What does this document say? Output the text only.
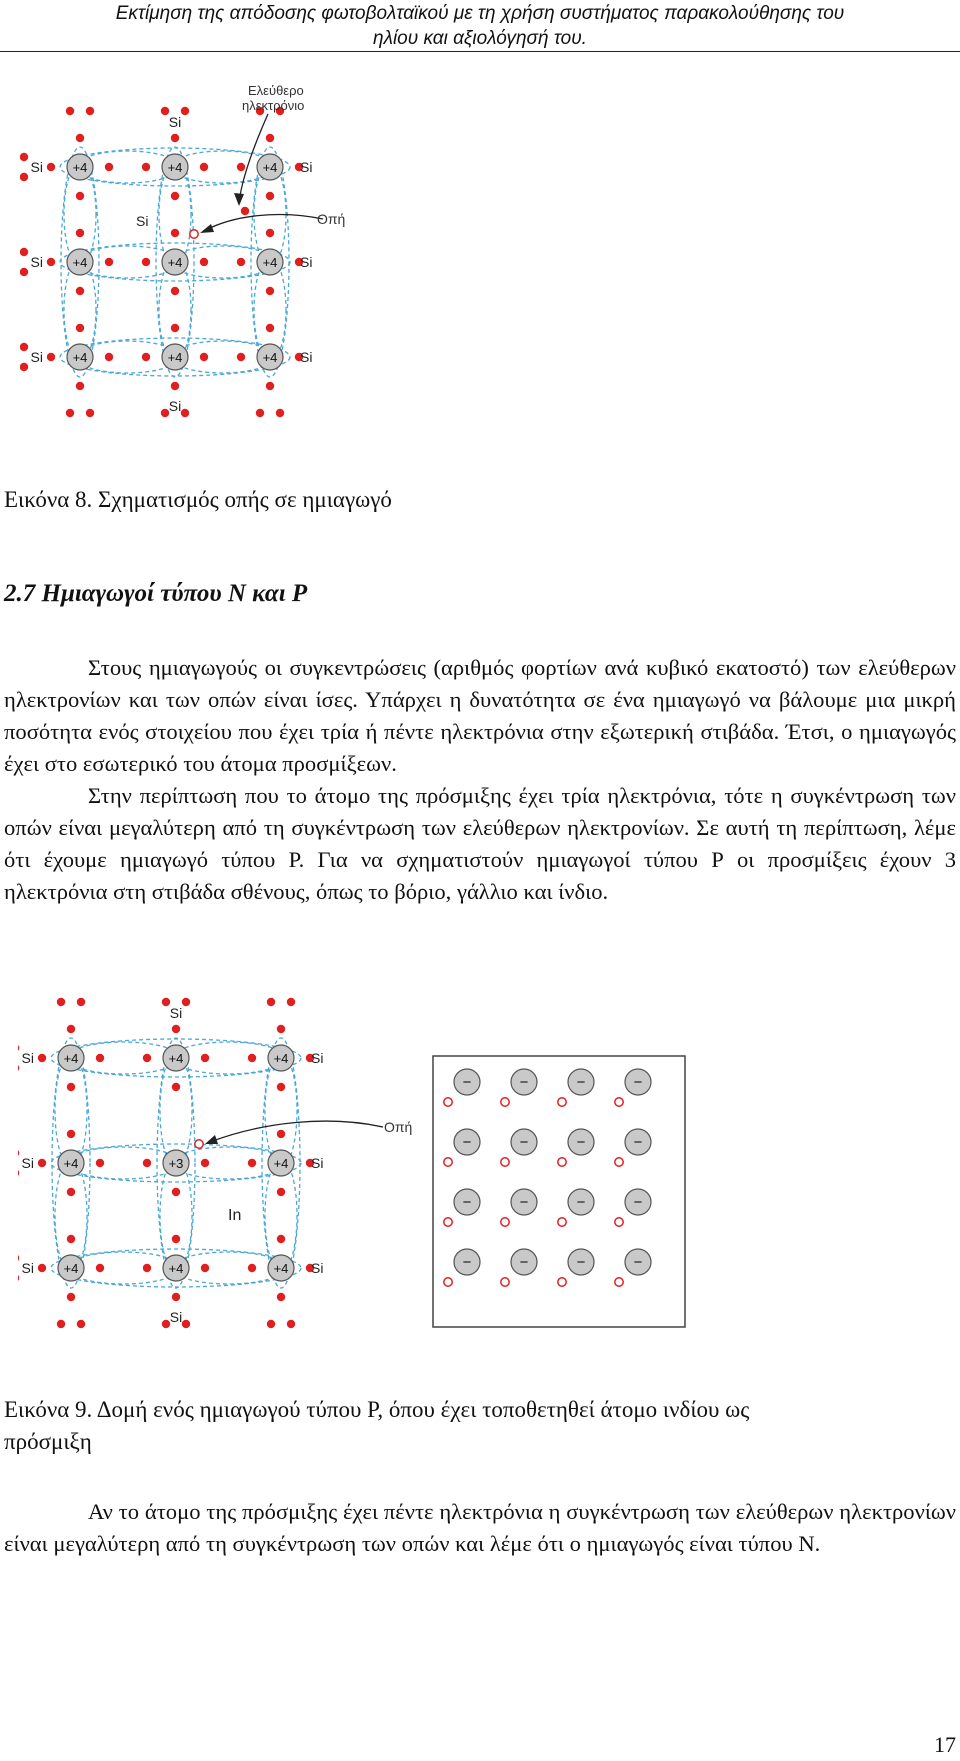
Εκτίμηση της απόδοσης φωτοβολταϊκού με τη χρήση συστήματος παρακολούθησης του
ηλίου και αξιολόγησή του.
+4	+4	+4
+4	+4	+4
+4	+4	+4
Si	Si
Si	Si
Si	Si
Si
Si
Ελεύθερο
ηλεκτρόνιο
Si	Οπή
Εικόνα 8. Σχηματισμός οπής σε ημιαγωγό
2.7 Ημιαγωγοί τύπου Ν και Ρ

Στους ημιαγωγούς οι συγκεντρώσεις (αριθμός φορτίων ανά κυβικό εκατοστό) των ελεύθερων ηλεκτρονίων και των οπών είναι ίσες. Υπάρχει η δυνατότητα σε ένα ημιαγωγό να βάλουμε μια μικρή ποσότητα ενός στοιχείου που έχει τρία ή πέντε ηλεκτρόνια στην εξωτερική στιβάδα. Έτσι, ο ημιαγωγός έχει στο εσωτερικό του άτομα προσμίξεων.

Στην περίπτωση που το άτομο της πρόσμιξης έχει τρία ηλεκτρόνια, τότε η συγκέντρωση των οπών είναι μεγαλύτερη από τη συγκέντρωση των ελεύθερων ηλεκτρονίων. Σε αυτή τη περίπτωση, λέμε ότι έχουμε ημιαγωγό τύπου Ρ. Για να σχηματιστούν ημιαγωγοί τύπου Ρ οι προσμίξεις έχουν 3 ηλεκτρόνια στη στιβάδα σθένους, όπως το βόριο, γάλλιο και ίνδιο.

+4	+4	+4
+4	+3	+4
+4	+4	+4
Si	Si
Si	Si
Si	Si
Si
Si
Οπή
In
−	−	−	−
−	−	−	−
−	−	−	−
−	−	−	−
Εικόνα 9. Δομή ενός ημιαγωγού τύπου Ρ, όπου έχει τοποθετηθεί άτομο ινδίου ως
πρόσμιξη

Αν το άτομο της πρόσμιξης έχει πέντε ηλεκτρόνια η συγκέντρωση των ελεύθερων ηλεκτρονίων είναι μεγαλύτερη από τη συγκέντρωση των οπών και λέμε ότι ο ημιαγωγός είναι τύπου Ν.

17
